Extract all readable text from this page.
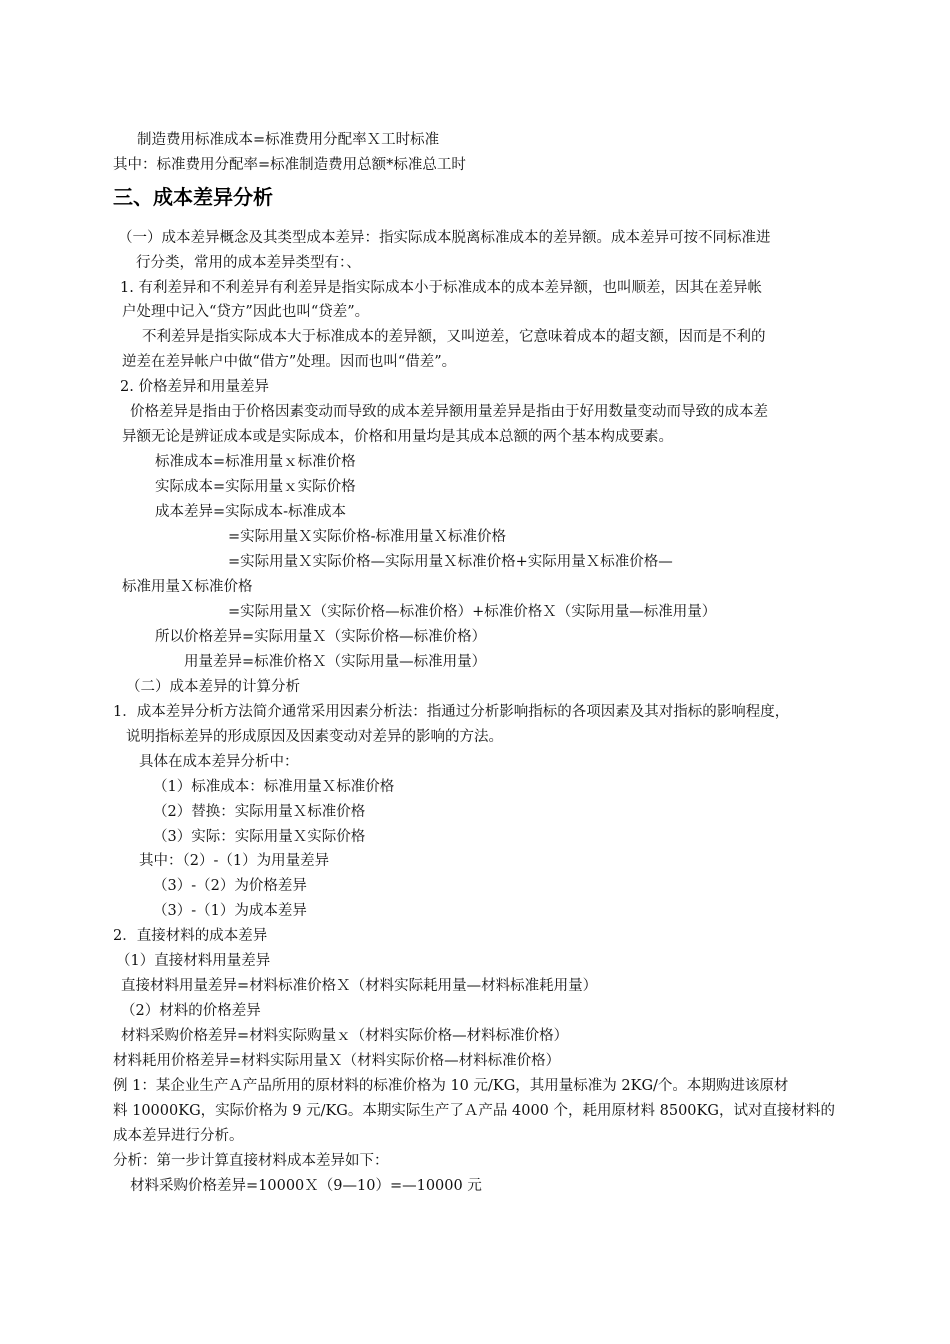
制造费用标准成本=标准费用分配率Ｘ工时标准
其中：标准费用分配率=标准制造费用总额*标准总工时
三、成本差异分析
（一）成本差异概念及其类型成本差异：指实际成本脱离标准成本的差异额。成本差异可按不同标准进
行分类，常用的成本差异类型有：、
1. 有利差异和不利差异有利差异是指实际成本小于标准成本的成本差异额，也叫顺差，因其在差异帐
户处理中记入“贷方”因此也叫“贷差”。
不利差异是指实际成本大于标准成本的差异额，又叫逆差，它意味着成本的超支额，因而是不利的
逆差在差异帐户中做“借方”处理。因而也叫“借差”。
2. 价格差异和用量差异
价格差异是指由于价格因素变动而导致的成本差异额用量差异是指由于好用数量变动而导致的成本差
异额无论是辨证成本或是实际成本，价格和用量均是其成本总额的两个基本构成要素。
标准成本=标准用量ｘ标准价格
实际成本=实际用量ｘ实际价格
成本差异=实际成本-标准成本
=实际用量Ｘ实际价格-标准用量Ｘ标准价格
=实际用量Ｘ实际价格—实际用量Ｘ标准价格+实际用量Ｘ标准价格—
标准用量Ｘ标准价格
=实际用量Ｘ（实际价格—标准价格）+标准价格Ｘ（实际用量—标准用量）
所以价格差异=实际用量Ｘ（实际价格—标准价格）
用量差异=标准价格Ｘ（实际用量—标准用量）
（二）成本差异的计算分析
1．成本差异分析方法简介通常采用因素分析法：指通过分析影响指标的各项因素及其对指标的影响程度，
说明指标差异的形成原因及因素变动对差异的影响的方法。
具体在成本差异分析中：
（1）标准成本：标准用量Ｘ标准价格
（2）替换：实际用量Ｘ标准价格
（3）实际：实际用量Ｘ实际价格
其中：（2）-（1）为用量差异
（3）-（2）为价格差异
（3）-（1）为成本差异
2．直接材料的成本差异
（1）直接材料用量差异
直接材料用量差异=材料标准价格Ｘ（材料实际耗用量—材料标准耗用量）
（2）材料的价格差异
材料采购价格差异=材料实际购量ｘ（材料实际价格—材料标准价格）
材料耗用价格差异=材料实际用量Ｘ（材料实际价格—材料标准价格）
例 1：某企业生产Ａ产品所用的原材料的标准价格为 10 元/KG，其用量标准为 2KG/个。本期购进该原材
料 10000KG，实际价格为 9 元/KG。本期实际生产了Ａ产品 4000 个，耗用原材料 8500KG，试对直接材料的
成本差异进行分析。
分析：第一步计算直接材料成本差异如下：
材料采购价格差异=10000Ｘ（9—10）=—10000 元
